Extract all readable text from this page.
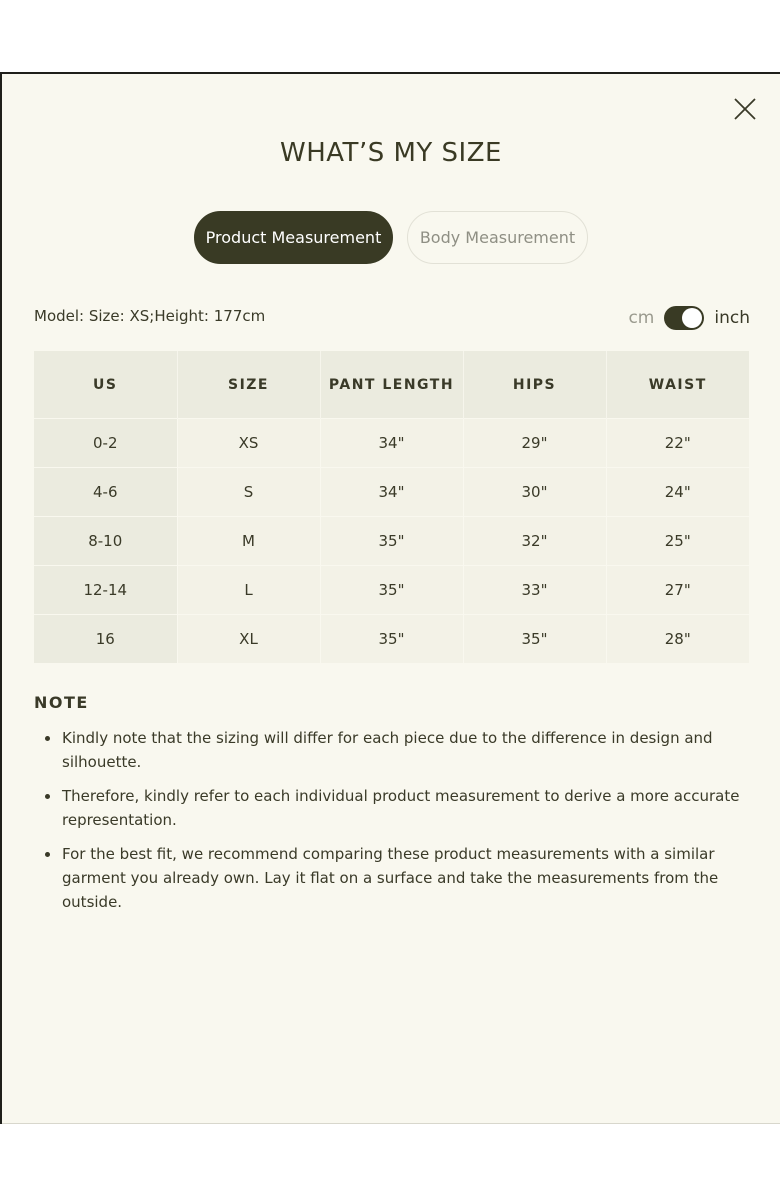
WHAT’S MY SIZE
Product Measurement	Body Measurement
Model: Size: XS;Height: 177cm	cm	inch
US	SIZE	PANT LENGTH	HIPS	WAIST
0-2	XS	34"	29"	22"
4-6	S	34"	30"	24"
8-10	M	35"	32"	25"
12-14	L	35"	33"	27"
16	XL	35"	35"	28"
NOTE
Kindly note that the sizing will differ for each piece due to the difference in design and silhouette.
Therefore, kindly refer to each individual product measurement to derive a more accurate representation.
For the best fit, we recommend comparing these product measurements with a similar garment you already own. Lay it flat on a surface and take the measurements from the outside.
